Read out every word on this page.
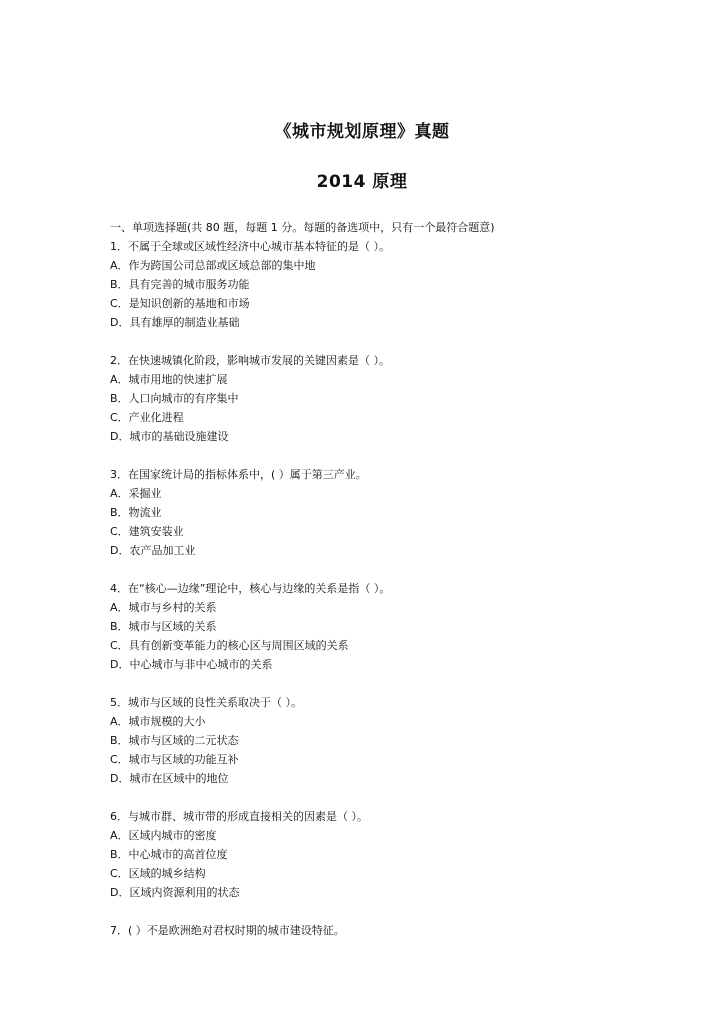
《城市规划原理》真题
2014 原理
一、单项选择题(共 80 题，每题 1 分。每题的备选项中，只有一个最符合题意)
1．不属于全球或区域性经济中心城市基本特征的是（ ）。
A．作为跨国公司总部或区域总部的集中地
B．具有完善的城市服务功能
C．是知识创新的基地和市场
D．具有雄厚的制造业基础
2．在快速城镇化阶段，影响城市发展的关键因素是（ ）。
A．城市用地的快速扩展
B．人口向城市的有序集中
C．产业化进程
D．城市的基础设施建设
3．在国家统计局的指标体系中，( ）属于第三产业。
A．采掘业
B．物流业
C．建筑安装业
D．农产品加工业
4．在“核心—边缘”理论中，核心与边缘的关系是指（ ）。
A．城市与乡村的关系
B．城市与区域的关系
C．具有创新变革能力的核心区与周围区域的关系
D．中心城市与非中心城市的关系
5．城市与区域的良性关系取决于（ ）。
A．城市规模的大小
B．城市与区域的二元状态
C．城市与区域的功能互补
D．城市在区域中的地位
6．与城市群、城市带的形成直接相关的因素是（ ）。
A．区域内城市的密度
B．中心城市的高首位度
C．区域的城乡结构
D．区域内资源利用的状态
7．( ）不是欧洲绝对君权时期的城市建设特征。
